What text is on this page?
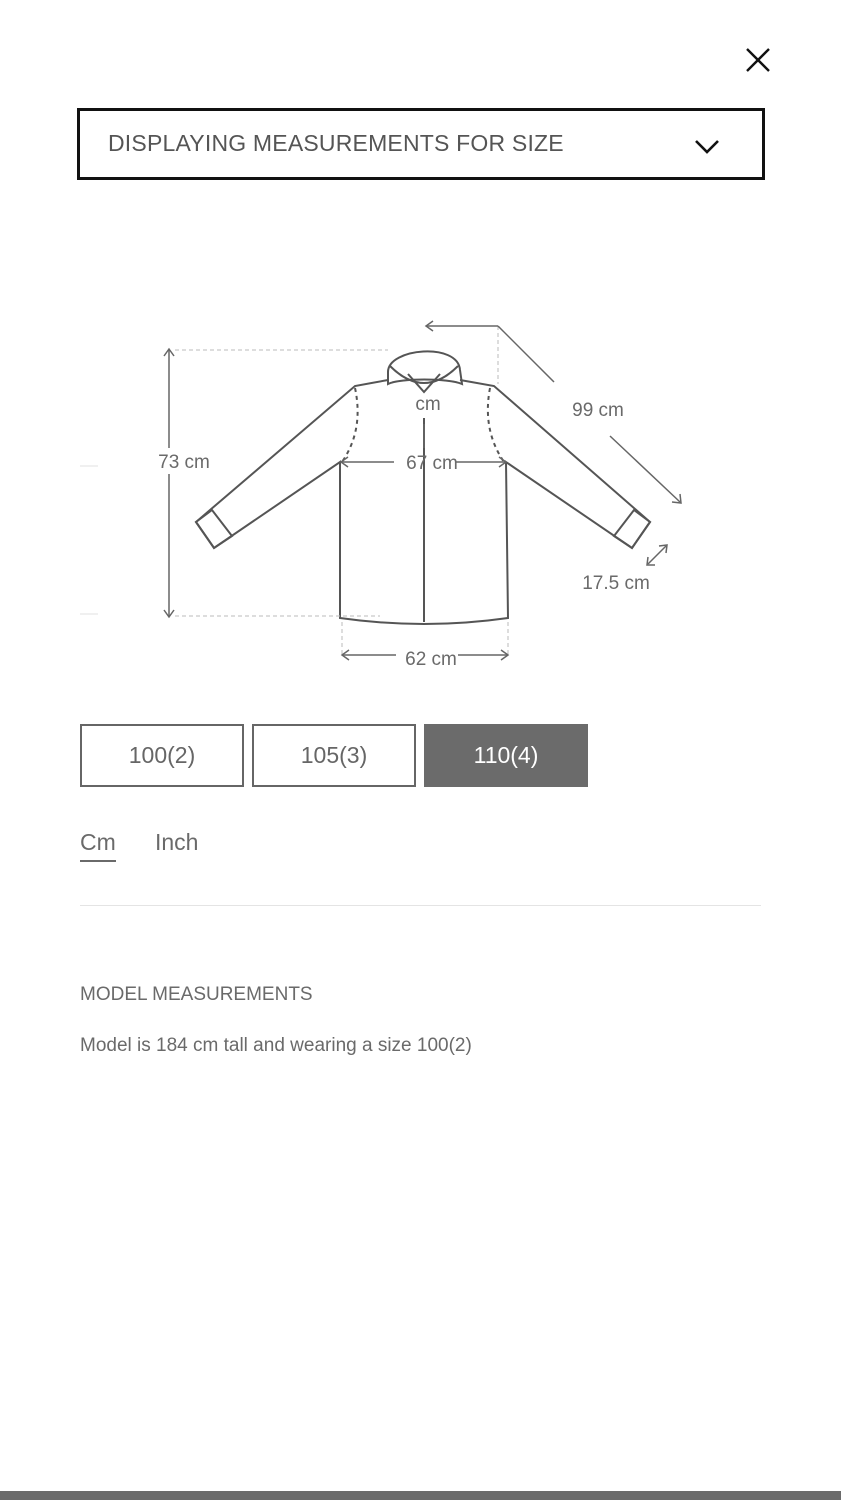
DISPLAYING MEASUREMENTS FOR SIZE
cm
73 cm	67 cm
99 cm
17.5 cm
62 cm
100(2)	105(3)	110(4)
Cm Inch
MODEL MEASUREMENTS
Model is 184 cm tall and wearing a size 100(2)
